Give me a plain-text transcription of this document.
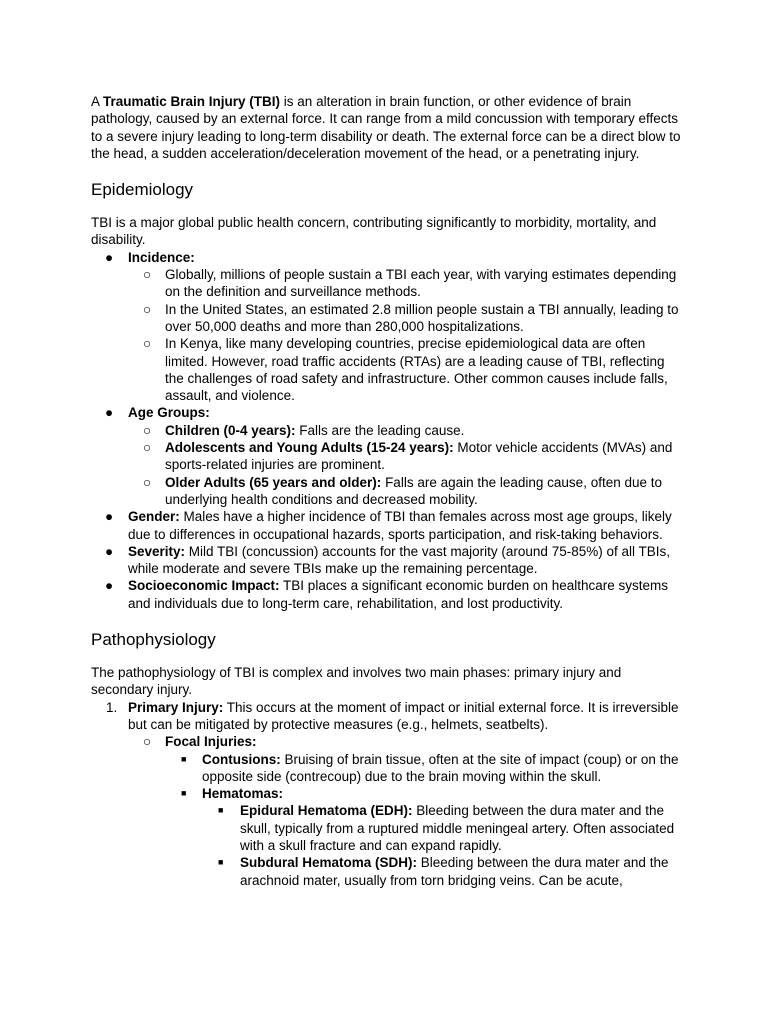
A Traumatic Brain Injury (TBI) is an alteration in brain function, or other evidence of brain pathology, caused by an external force. It can range from a mild concussion with temporary effects to a severe injury leading to long-term disability or death. The external force can be a direct blow to the head, a sudden acceleration/deceleration movement of the head, or a penetrating injury.

Epidemiology

TBI is a major global public health concern, contributing significantly to morbidity, mortality, and disability.

● Incidence:
○ Globally, millions of people sustain a TBI each year, with varying estimates depending on the definition and surveillance methods.
○ In the United States, an estimated 2.8 million people sustain a TBI annually, leading to over 50,000 deaths and more than 280,000 hospitalizations.
○ In Kenya, like many developing countries, precise epidemiological data are often limited. However, road traffic accidents (RTAs) are a leading cause of TBI, reflecting the challenges of road safety and infrastructure. Other common causes include falls, assault, and violence.
● Age Groups:
○ Children (0-4 years): Falls are the leading cause.
○ Adolescents and Young Adults (15-24 years): Motor vehicle accidents (MVAs) and sports-related injuries are prominent.
○ Older Adults (65 years and older): Falls are again the leading cause, often due to underlying health conditions and decreased mobility.
● Gender: Males have a higher incidence of TBI than females across most age groups, likely due to differences in occupational hazards, sports participation, and risk-taking behaviors.
● Severity: Mild TBI (concussion) accounts for the vast majority (around 75-85%) of all TBIs, while moderate and severe TBIs make up the remaining percentage.
● Socioeconomic Impact: TBI places a significant economic burden on healthcare systems and individuals due to long-term care, rehabilitation, and lost productivity.
Pathophysiology

The pathophysiology of TBI is complex and involves two main phases: primary injury and secondary injury.

1. Primary Injury: This occurs at the moment of impact or initial external force. It is irreversible but can be mitigated by protective measures (e.g., helmets, seatbelts).
○ Focal Injuries:
■ Contusions: Bruising of brain tissue, often at the site of impact (coup) or on the opposite side (contrecoup) due to the brain moving within the skull.
■ Hematomas:
■ Epidural Hematoma (EDH): Bleeding between the dura mater and the skull, typically from a ruptured middle meningeal artery. Often associated with a skull fracture and can expand rapidly.
■ Subdural Hematoma (SDH): Bleeding between the dura mater and the arachnoid mater, usually from torn bridging veins. Can be acute,
